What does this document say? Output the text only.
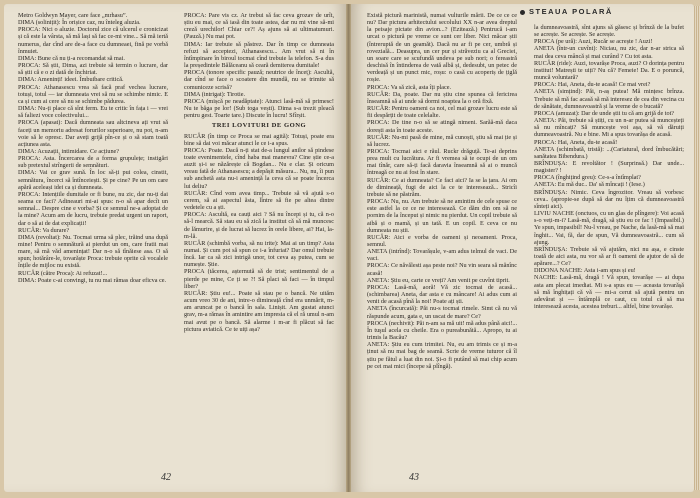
Metro Goldwyn Mayer, care face „mrhasu”.

DIMA (solinițit): În orișice caz, nu înteleg aluzia.

PROCA: Nici o aluzie. Doctorul zice că ulcerul e cronicizat și că este la vârsta, să mă lași să fac ce-mi vine... Să mă iertă numerus, dar cînd are de-a face cu dumneaei, fină pe vorbă înmuiet.

DIMA: Bune că nu ți-a recomandat să mai.

PROCA: Să știi, Dima, azi trebuie să termin o lucrare, dar să știi că e o zi dată de închiriat.

DIMA: Ameninți! ideei. Îmbuibare critică.

PROCA: Athanasescu vrea să facă praf vechea lucrare, totuși, totul — iar dumneata vrei să nu se schimbe nimic. E ca și cum ai cere să nu se schimbe pădurea.

DIMA: Nu-ți place că sînt ferm. Eu te critic în fața i — vrei să faliezi voce colectivului...

PROCA (apasat): Dacă dumneata sau altcineva ați vrut să faceți un memoriu adresat forurilor superioare, nu pot, n-am voie să le opresc. Dar aveți grijă pîn-ce și o să stam toată acțiunea asta.

DIMA: Acuzații, intimidare. Ce acțiune?

PROCA: Asta. Încercarea de a forma grupulețe; instigări sub pretextul strîngerii de semnături.

DIMA: Vai ce grav sună. În loc să-ți pui colea, cinstit, semnătura, încerci să întînceiești. Și pe cine? Pe un om care apără aceleași idei ca și dumneata.

PROCA: Intențiile dumitale or fi bune, nu zic, dar nu-ți dai seama ce faci? Adineauri mi-ai spus: n-o să apar decît un semnal... Despre cine e vorba? Și ce semnul ne-a adoptat de la mine? Acum am de lucru, trebuie predat urgent un raport, dar o să ai de dat explicații!

RUCĂR: Va durare?

DIMA (revoltat): Nu. Tocmai urma să plec, trăind una după mine! Pentru o semnătură ai pierdut un om, care fratii mai mare, să mă văd amenințat! Dar n-o să tînăiese asa. O să spun; hotărâre-le, tovarăște Proca: trebuie oprite că vocalele înțile de mijloc nu există.

RUCĂR (către Proca): Ai refuzat!...

DIMA: Poate c-ai convingi, tu nu mai rămas doar eficva ce.

PROCA: Pare vis cz. Ar trebui să fac ceva grozav de urît, știu eu mai, ce să iasă din toate astea, dar nu mi vine să-mi creză urechilor! Chiar ce?! Aș ajuns să ai ultimatumuri. (Pauză.) Nu mai pot.

DIMA: Iar trebuie să păstrez. Dar în timp ce dumneata refuzi să acceptezi, Athanasescu... Am vrut să ni în întîmpinare în biroul tocmai cînd trebuie la telefon. S-a dus la președintele Bălăceanu să ceară demiterea dumitale!

PROCA (tonore specific pauză; neutrice de înceț): Ascultă, dar cînd se face o scoatere din mundă, nu se trimite să comuniceze scrisă?

DIMA (intrigat): Tirotie.

PROCA (mișcă pe neadăptate): Atunci lasă-mă să primesc! Nu te băga pe lor! (Sub toga vești). Dima s-a trezit pleacă pentru gest. Toarte tare.) Discute în lucru! Sfîrșit.

TREI LOVITURI DE GONG

RUCĂR (în timp ce Proca se mai agită): Totuși, poate era bine să dai voi măcar atunci le ce i-a spus.

PROCA: Poate. Dacă n-ți stat de-a lungul anilor să pindese toate evenimentele, cînd haba mai manevra? Cine știe ce-a auzit și-i se năzărește că Bogdan... Nu e clar. Și oricum vreau fată de Athanasescu; a depășit măsura... Nu, nu, îi pun sub anchetă asta nu-i amenință la ceva că se poate încerca lui deliu?

RUCĂR: Cînd vom avea timp... Trebuie să vă ajută s-o cerem, să ai aspectul ăsta, lîntre să fie pe altea dintre vedetele cu a ști.

PROCA: Ascultă, ea cauți aici ? Să nu începi și tu, că n-o să-l mearcă. Să stau eu să zică la institut că să mă muncesc de lămurire, și de lucrat să lucrez în orele libere, ai? Hai, la-m-lă.

RUCĂR (schimbă vorba, să nu irite): Mai ai un timp? Asta numai. Și cum pot să spun ce i-a înfuriat? Dar omul trebuie încă. Iar ca să zici intrigă unor, tot ceva aș putea, cum se numește. Știe.

PROCA (tăcerea, așternută să de trist; sentimentul de a pierde pe mine, Ce ți se ?! Să placi să faci — în timpul liber?

RUCĂR: Știu eu!... Poate să stau pe o bancă. Ne uităm acum vreo 30 de ani, intre-o dimineață cînd era unmărit, m-am aruncat pe o bancă în sala. Linișit. Am gustat atunci grav, m-a rămas în amintire am impresia că el ră umul n-am mai avut pe o bancă. Să alarme i m-ar fi plăcut să fac pictura aviatică. Ce te uiți așa?

42

Există pictură marinistă, numai vulturile mării. De ce ce ce nu? Dar pictura arhitectului secolului XX n-ar avea dreptul la peisaje pictate din avion...? (Ezitează.) Pentrucă i-am urcat o pictură pe vreme ce sunt cer liber. Nici măcar știi (întreruptă de un geamăt). Dacă nu ar fi pe cer, umbră și rovezială... Deasupra, un cer pur și străveziu ca al Greciei, un soare care se scufundă undeva pe sub nori; o fereastră deschisă în întinderea de vată albă și, dedesubt, un petec de verdeață și un punct mic, roșu: o casă cu acoperiș de țiglă roșie.

PROCA: Va să zică, asta îți place.

RUCĂR: Da, poate. Dar nu știu cine spunea că fericirea înseamnă să ai unde să dormi noaptea la o oră fixă.

RUCĂR: Pentru oameni ca noi, cel mai grozav lucru este să fii despărțit de toate celelalte.

PROCA: De tine n-o să se atingă nimeni. Sarăă-mă daca dorești asta în toate aceste.

RUCĂR: Nu-mi pasă de mine, mă cunoști, știu să mai ție și să lucrez.

PROCA: Tocmai aici e răul. Ruckr drăguță. Te-ai deprins prea mult cu lucrătura. Ar fi vremea să te ocupi de un om mai tînăr, care să-ți facă daravia înseamnă să ai o muncă întreagă ce nu ai fost în stare.

RUCĂR: Ce ai dumneata? Ce faci aici? Ia se la țara. Ai om de dimineață, fugi de aici la ce te interesează... Stricîi trebuie să ne păstrăm.

PROCA: Nu, nu. Am trebuie să ne amintim de cele spuse ce este astfel la ce ce ne interesează. Ce dăm din om să ne pornim de la început și nimic nu pierdut. Un copil trebuie să aibă și o mamă, și un tată. E un copil. E ceva ce nu dumneata nu știi.

RUCĂR: Aici e vorba de oameni și neoameni. Proca, semnul.

ANETA (intrînd): Tovarășule, v-am adus telmul de vaci. De vaci.

PROCA: Ce năvălesti așa peste noi? Nu vin seara să mănînc acasă!

ANETA: Știu eu, carte ce vreți? Am venit pe cuvînt tiprit.

PROCA: Lasă-mă, aoră! Vă zic tocmai de acasă... (schimbarea) Aneta, dar asta e cu mâncare! Ai adus cum ai venit de acasă pînă la noi! Poate ați ști.

ANETA (încurcată): Păi nu-s tocmai rimele. Simt că nu vă răspunde acum, gata e, un uscat de mare? Ce?

PROCA (nechivit): Păi n-am sa mă uit! mă adus până aici!... În tuşul acela cu cheile. Era o pureabunătă... Apropo, tu ai trimis la Bacău?

ANETA: Știu eu cum trimitei. Nu, eu am trimis ce și m-a ținut să nu mai bag de seamă. Scrie de vreme tuturor că îl știu pe fătul a luat din noi. Și-o fi putând să mai chip acum pe cei mai mici (începe să plîngă).

la dumneavoastră, sînt ajuns să găsesc și brînză de la bufet se acrește. Se acrește. Se acrește.

PROCA (pe ură): Auzi, Rucăr se acrește ! Auzi!

ANETA (într-un cuvînt): Niciau, nu zic, dar n-ar strica să mai dea ceva mâncă și mai curând ? Cu tot asta.

RUCĂR (ride): Auzi, tovarășe Proca, auzi? O dorința pentru institut! Matrești te uiți? Nu că? Femeie! Da. E o poruncă, muncă voluntară?

PROCA: Hai, Aneta, du-te acasă! Ce mai vrei?

ANETA (simțind): Păi, n-aș putea! Mă mințesc brînza. Trebuie să mă fac acasă să mă interesez de cea din vecina cu de sănătate, dumneavoastră și la vreme de o bucată?

PROCA (amuzat): Dar de unde știi tu că am grijă de tot?

ANETA: Păi, trebuie să știți, cu un n-ar putea să munceșteți să nu mîncați? Să muncește voi așa, să vă dăruiți dumneavoastră. Nu e bine. Mi a spus tovarășa de acasă.

PROCA: Hai, Aneta, du-te acasă!

ANETA (schimbată, tristă): ...(Cariatural, dord îmbucătări; sanătatea Bibendura.)

BRÎNDUȘA: E revoltător ! (Surprinsă.) Dar unde... magister? !

PROCA (înghițind greu): Ce-s-a întîmplat?

ANETA: Eu mă duc.. Da' să mîncați ! (Iese.)

BRÎNDUȘA: Nimic. Ceva îngrozitor. Vreau să vorbesc ceva.. (apropie-se după să dar nu îțim că dumneavoastră sînteți aici).

LIVIU NACHE (onctuos, cu un glas de plîngere): Voi acasă s-o veți-m-i? Lasă-mă, dragă, să știu eu ce fac ! (Impasibil.) Ye spun, impasibil! Nu-l vreau, pe Nache, da lasă-mă să mai înghit... Vai, fă, dar de spun, Vă dumneavoastră... cum să ajung.

BRÎNDUȘA: Trebuie să vă ajutăm, nici nu așa, e cinste toată de aici asta, nu vor să ar fi oameni de ajutor de să de apărare...? Ce?

DIDONA NACHE: Asta i-am spus și eu!

NACHE: Lasă-mă, dragă ! Vă spun, tovarășe — ai dupa asta am plecat imediat. Mi s-a spus eu — aceasta tovarășă să mă înghițați că vă — mi-a cerut să ajută pentru un adevărat și — întâmplă ce caut, cu totul că să ma interesează acesta, acestea treburi... altfel, bine tovarășe.

43
STEAUA POLARĂ
